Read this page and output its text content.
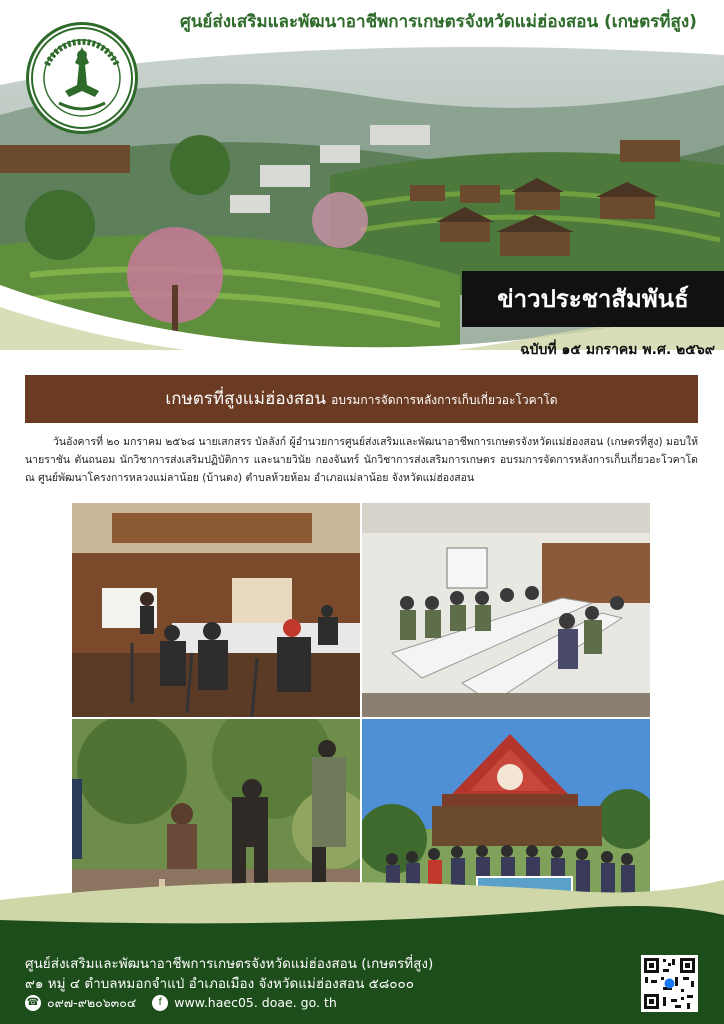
ศูนย์ส่งเสริมและพัฒนาอาชีพการเกษตรจังหวัดแม่ฮ่องสอน (เกษตรที่สูง)
ข่าวประชาสัมพันธ์
ฉบับที่ ๑๕ มกราคม พ.ศ. ๒๕๖๙
เกษตรที่สูงแม่ฮ่องสอน อบรมการจัดการหลังการเก็บเกี่ยวอะโวคาโด
วันอังคารที่ ๒๐ มกราคม ๒๕๖๘ นายเสกสรร บัลลังก์ ผู้อำนวยการศูนย์ส่งเสริมและพัฒนาอาชีพการเกษตรจังหวัดแม่ฮ่องสอน (เกษตรที่สูง) มอบให้นายราชัน ตันถนอม นักวิชาการส่งเสริมปฏิบัติการ และนายวินัย กองจันทร์ นักวิชาการส่งเสริมการเกษตร อบรมการจัดการหลังการเก็บเกี่ยวอะโวคาโด ณ ศูนย์พัฒนาโครงการหลวงแม่ลาน้อย (บ้านดง) ตำบลห้วยห้อม อำเภอแม่ลาน้อย จังหวัดแม่ฮ่องสอน
ศูนย์ส่งเสริมและพัฒนาอาชีพการเกษตรจังหวัดแม่ฮ่องสอน (เกษตรที่สูง)
๙๑ หมู่ ๔ ตำบลหมอกจำแป่ อำเภอเมือง จังหวัดแม่ฮ่องสอน ๕๘๐๐๐
☎ ๐๙๗-๙๒๐๖๓๐๔	f www.haec05. doae. go. th
